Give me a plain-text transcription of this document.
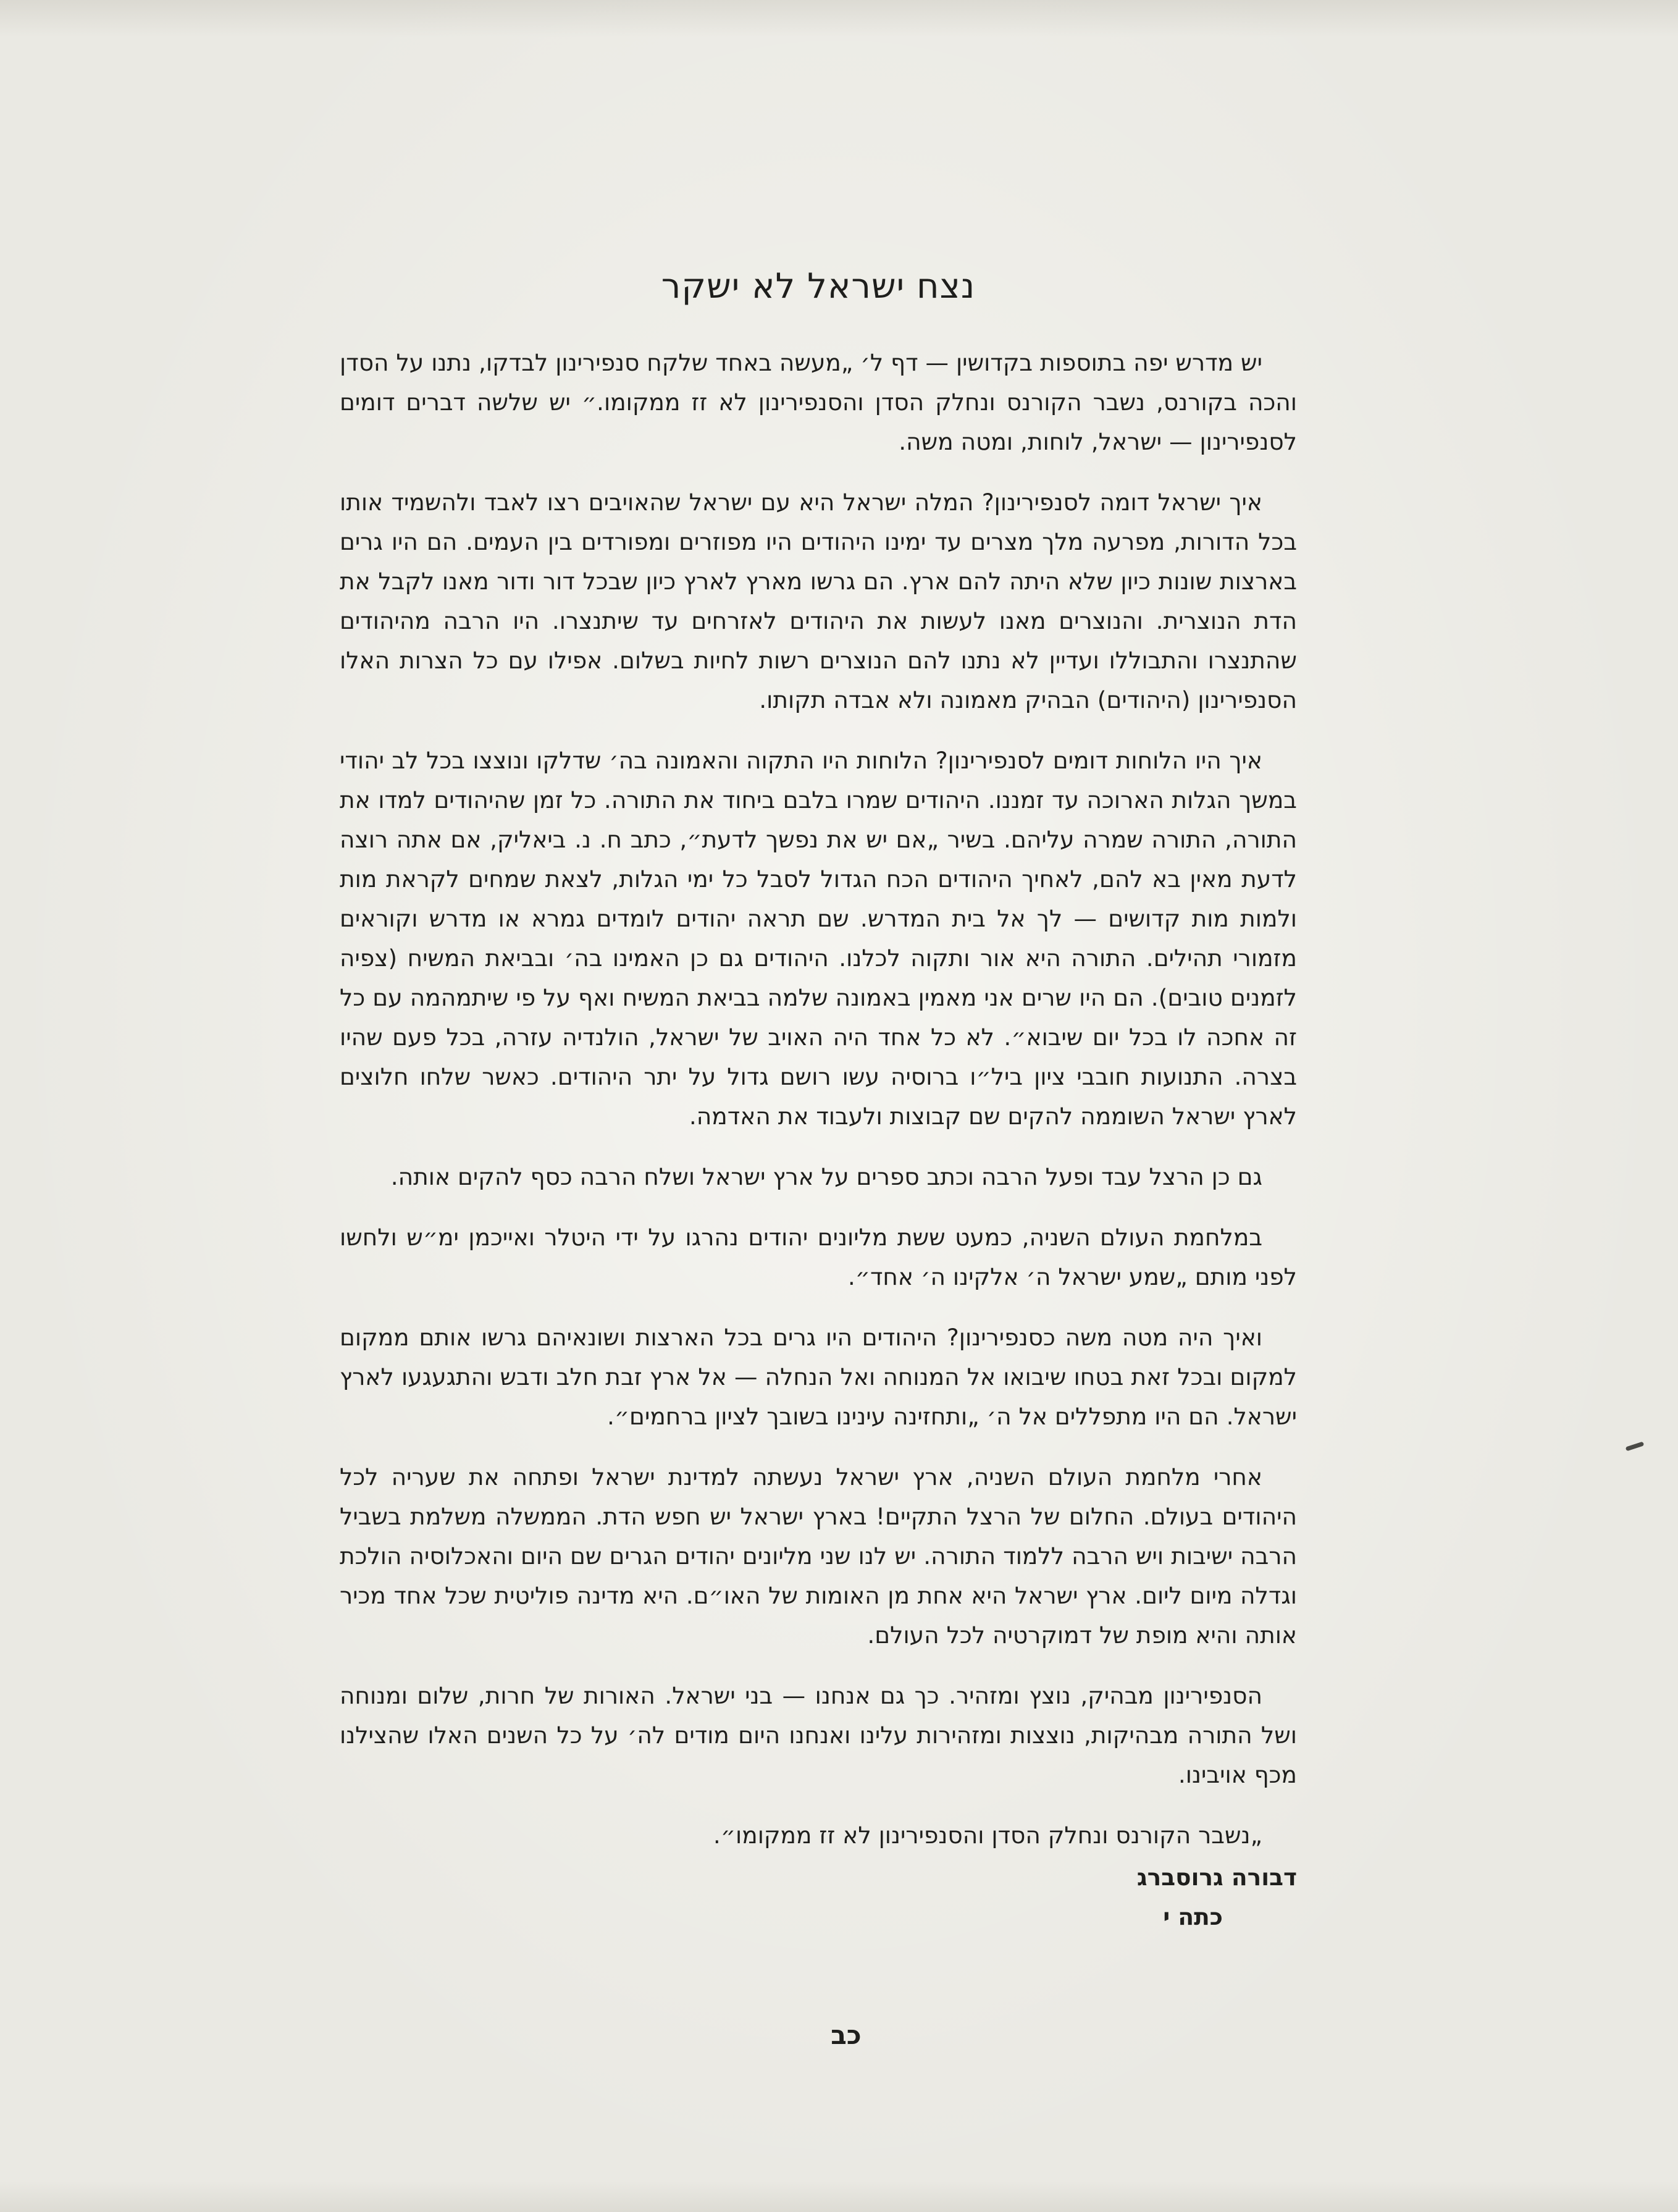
נצח ישראל לא ישקר

יש מדרש יפה בתוספות בקדושין — דף ל׳ „מעשה באחד שלקח סנפירינון לבדקו, נתנו על הסדן והכה בקורנס, נשבר הקורנס ונחלק הסדן והסנפירינון לא זז ממקומו.״ יש שלשה דברים דומים לסנפירינון — ישראל, לוחות, ומטה משה.

איך ישראל דומה לסנפירינון? המלה ישראל היא עם ישראל שהאויבים רצו לאבד ולהשמיד אותו בכל הדורות, מפרעה מלך מצרים עד ימינו היהודים היו מפוזרים ומפורדים בין העמים. הם היו גרים בארצות שונות כיון שלא היתה להם ארץ. הם גרשו מארץ לארץ כיון שבכל דור ודור מאנו לקבל את הדת הנוצרית. והנוצרים מאנו לעשות את היהודים לאזרחים עד שיתנצרו. היו הרבה מהיהודים שהתנצרו והתבוללו ועדיין לא נתנו להם הנוצרים רשות לחיות בשלום. אפילו עם כל הצרות האלו הסנפירינון (היהודים) הבהיק מאמונה ולא אבדה תקותו.

איך היו הלוחות דומים לסנפירינון? הלוחות היו התקוה והאמונה בה׳ שדלקו ונוצצו בכל לב יהודי במשך הגלות הארוכה עד זמננו. היהודים שמרו בלבם ביחוד את התורה. כל זמן שהיהודים למדו את התורה, התורה שמרה עליהם. בשיר „אם יש את נפשך לדעת״, כתב ח. נ. ביאליק, אם אתה רוצה לדעת מאין בא להם, לאחיך היהודים הכח הגדול לסבל כל ימי הגלות, לצאת שמחים לקראת מות ולמות מות קדושים — לך אל בית המדרש. שם תראה יהודים לומדים גמרא או מדרש וקוראים מזמורי תהילים. התורה היא אור ותקוה לכלנו. היהודים גם כן האמינו בה׳ ובביאת המשיח (צפיה לזמנים טובים). הם היו שרים אני מאמין באמונה שלמה בביאת המשיח ואף על פי שיתמהמה עם כל זה אחכה לו בכל יום שיבוא״. לא כל אחד היה האויב של ישראל, הולנדיה עזרה, בכל פעם שהיו בצרה. התנועות חובבי ציון ביל״ו ברוסיה עשו רושם גדול על יתר היהודים. כאשר שלחו חלוצים לארץ ישראל השוממה להקים שם קבוצות ולעבוד את האדמה.

גם כן הרצל עבד ופעל הרבה וכתב ספרים על ארץ ישראל ושלח הרבה כסף להקים אותה.

במלחמת העולם השניה, כמעט ששת מליונים יהודים נהרגו על ידי היטלר ואייכמן ימ״ש ולחשו לפני מותם „שמע ישראל ה׳ אלקינו ה׳ אחד״.

ואיך היה מטה משה כסנפירינון? היהודים היו גרים בכל הארצות ושונאיהם גרשו אותם ממקום למקום ובכל זאת בטחו שיבואו אל המנוחה ואל הנחלה — אל ארץ זבת חלב ודבש והתגעגעו לארץ ישראל. הם היו מתפללים אל ה׳ „ותחזינה עינינו בשובך לציון ברחמים״.

אחרי מלחמת העולם השניה, ארץ ישראל נעשתה למדינת ישראל ופתחה את שעריה לכל היהודים בעולם. החלום של הרצל התקיים! בארץ ישראל יש חפש הדת. הממשלה משלמת בשביל הרבה ישיבות ויש הרבה ללמוד התורה. יש לנו שני מליונים יהודים הגרים שם היום והאכלוסיה הולכת וגדלה מיום ליום. ארץ ישראל היא אחת מן האומות של האו״ם. היא מדינה פוליטית שכל אחד מכיר אותה והיא מופת של דמוקרטיה לכל העולם.

הסנפירינון מבהיק, נוצץ ומזהיר. כך גם אנחנו — בני ישראל. האורות של חרות, שלום ומנוחה ושל התורה מבהיקות, נוצצות ומזהירות עלינו ואנחנו היום מודים לה׳ על כל השנים האלו שהצילנו מכף אויבינו.

„נשבר הקורנס ונחלק הסדן והסנפירינון לא זז ממקומו״.

דבורה גרוסברג
כתה י
כב
